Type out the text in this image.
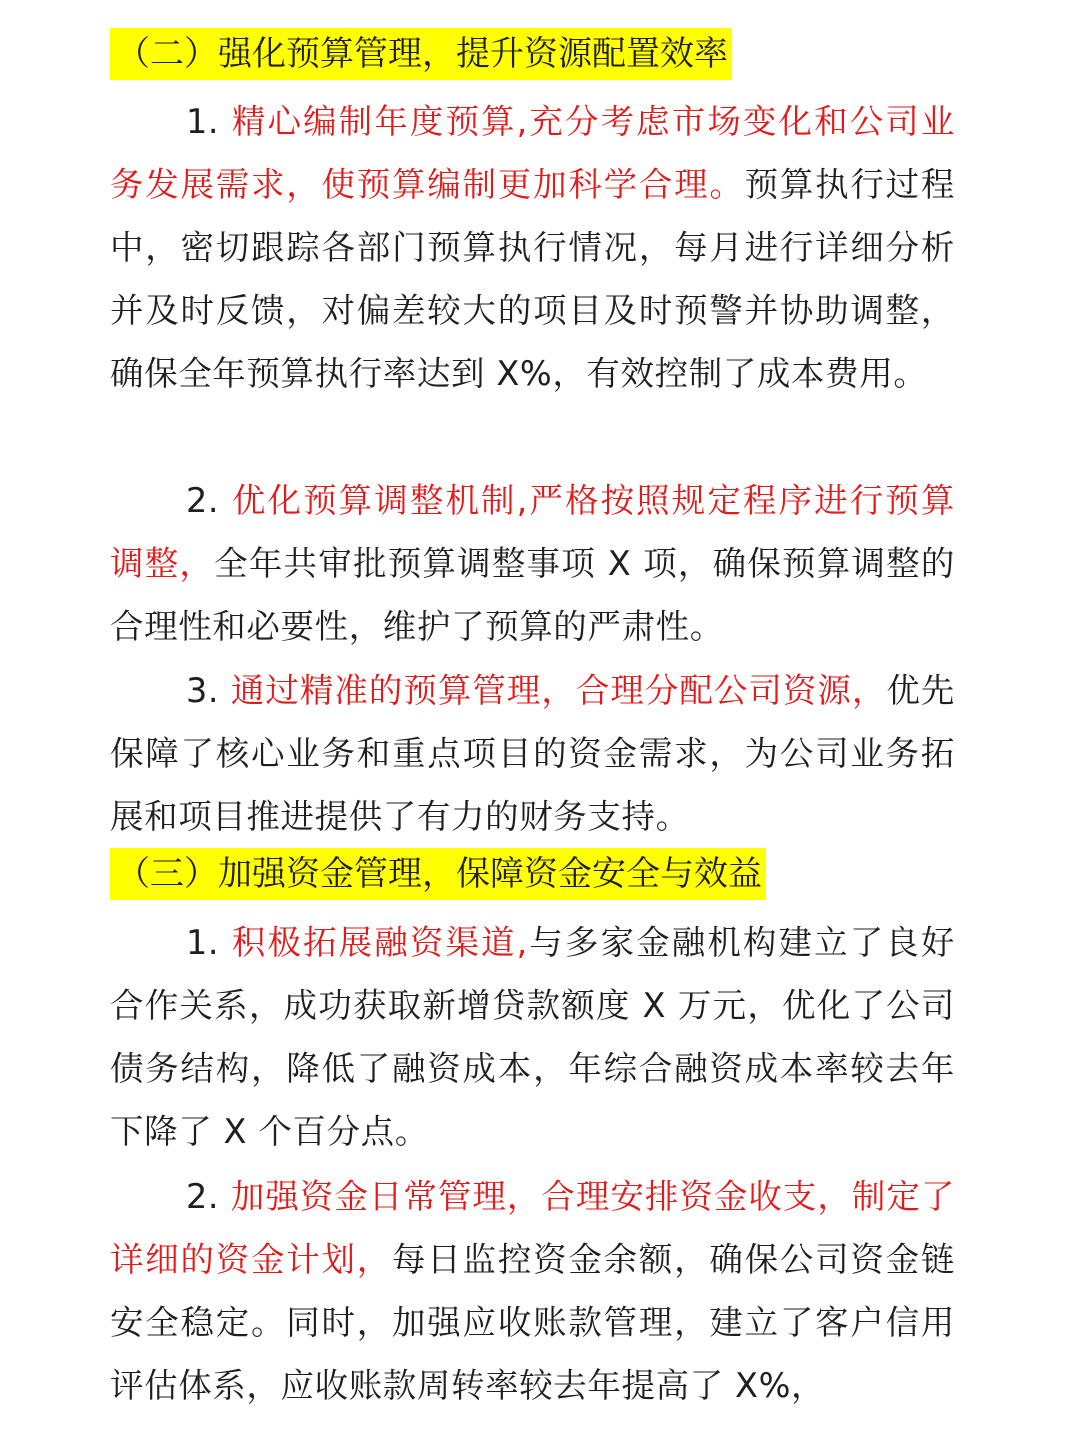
（二）强化预算管理，提升资源配置效率

1. 精心编制年度预算,充分考虑市场变化和公司业务发展需求，使预算编制更加科学合理。预算执行过程中，密切跟踪各部门预算执行情况，每月进行详细分析并及时反馈，对偏差较大的项目及时预警并协助调整，确保全年预算执行率达到 X%，有效控制了成本费用。

2. 优化预算调整机制,严格按照规定程序进行预算调整，全年共审批预算调整事项 X 项，确保预算调整的合理性和必要性，维护了预算的严肃性。

3. 通过精准的预算管理，合理分配公司资源，优先保障了核心业务和重点项目的资金需求，为公司业务拓展和项目推进提供了有力的财务支持。

（三）加强资金管理，保障资金安全与效益

1. 积极拓展融资渠道,与多家金融机构建立了良好合作关系，成功获取新增贷款额度 X 万元，优化了公司债务结构，降低了融资成本，年综合融资成本率较去年下降了 X 个百分点。

2. 加强资金日常管理，合理安排资金收支，制定了详细的资金计划，每日监控资金余额，确保公司资金链安全稳定。同时，加强应收账款管理，建立了客户信用评估体系，应收账款周转率较去年提高了 X%，
